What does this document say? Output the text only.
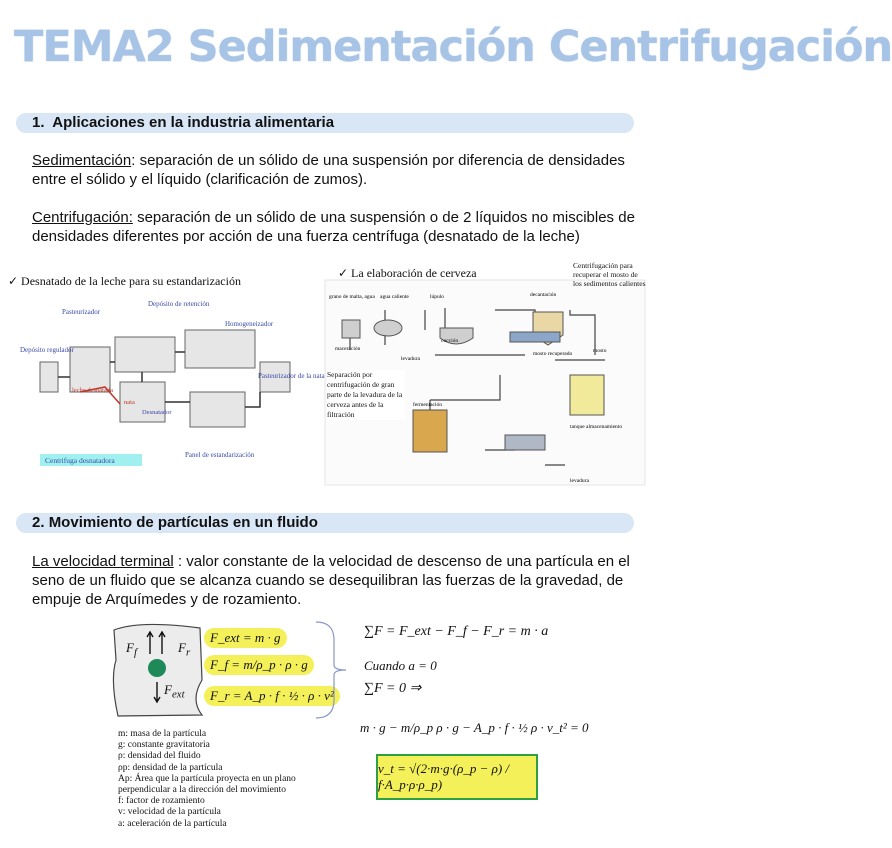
TEMA2 Sedimentación Centrifugación
1. Aplicaciones en la industria alimentaria
Sedimentación: separación de un sólido de una suspensión por diferencia de densidades entre el sólido y el líquido (clarificación de zumos).
Centrifugación: separación de un sólido de una suspensión o de 2 líquidos no miscibles de densidades diferentes por acción de una fuerza centrífuga (desnatado de la leche)
✓ Desnatado de la leche para su estandarización
Pasteurizador
Depósito de retención
Homogeneizador
Depósito regulador
leche desnatada
nata
Desnatador
Pasteurizador de la nata
Panel de estandarización
Centrifuga desnatadora
✓ La elaboración de cerveza
grano de malta, agua agua caliente	lúpulo	decantación
maceración
cocción
mosto recuperado	mosto
levadura
fermentación
tanque almacenamiento
levadura
Centrifugación para recuperar el mosto de los sedimentos calientes
Separación por centrifugación de gran parte de la levadura de la cerveza antes de la filtración
2. Movimiento de partículas en un fluido
La velocidad terminal : valor constante de la velocidad de descenso de una partícula en el seno de un fluido que se alcanza cuando se desequilibran las fuerzas de la gravedad, de empuje de Arquímedes y de rozamiento.
$F_f$	$F_r$
$F_{ext}$
F_ext = m · g
F_f = m/ρ_p · ρ · g
F_r = A_p · f · ½ · ρ · v²
∑F = F_ext − F_f − F_r = m · a
Cuando a = 0
∑F = 0 ⇒
m · g − m/ρ_p ρ · g − A_p · f · ½ ρ · v_t² = 0
v_t = √(2·m·g·(ρ_p − ρ) / f·A_p·ρ·ρ_p)
m: masa de la partícula
g: constante gravitatoria
ρ: densidad del fluido
ρp: densidad de la partícula
Ap: Área que la partícula proyecta en un plano
perpendicular a la dirección del movimiento
f: factor de rozamiento
v: velocidad de la partícula
a: aceleración de la partícula
